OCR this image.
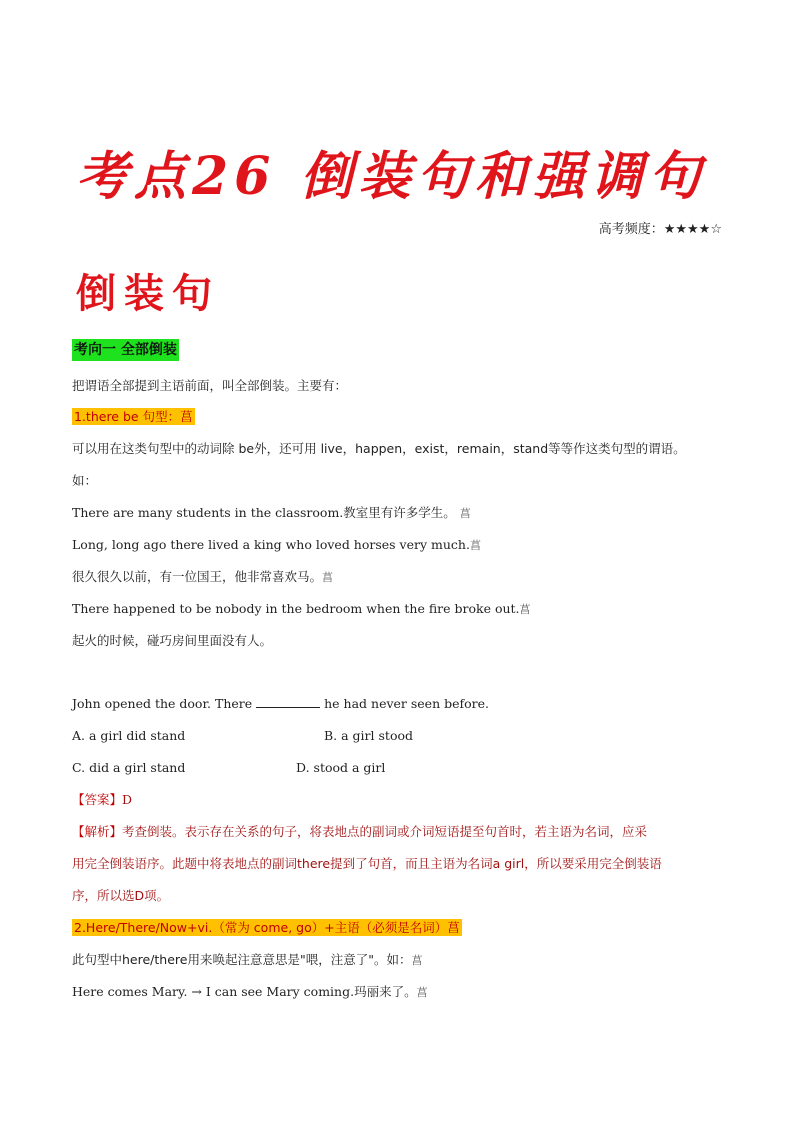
考点26 倒装句和强调句
高考频度：★★★★☆
倒装句
考向一 全部倒装
把谓语全部提到主语前面，叫全部倒装。主要有：
1.there be 句型：菖
可以用在这类句型中的动词除 be外，还可用 live，happen，exist，remain，stand等等作这类句型的谓语。
如：
There are many students in the classroom.教室里有许多学生。 菖
Long, long ago there lived a king who loved horses very much.菖
很久很久以前，有一位国王，他非常喜欢马。菖
There happened to be nobody in the bedroom when the fire broke out.菖
起火的时候，碰巧房间里面没有人。
John opened the door. There	he had never seen before.
A. a girl did stand	B. a girl stood
C. did a girl stand	D. stood a girl
【答案】D
【解析】考查倒装。表示存在关系的句子，将表地点的副词或介词短语提至句首时，若主语为名词，应采
用完全倒装语序。此题中将表地点的副词there提到了句首，而且主语为名词a girl，所以要采用完全倒装语
序，所以选D项。
2.Here/There/Now+vi.（常为 come, go）+主语（必须是名词）菖
此句型中here/there用来唤起注意意思是"喂，注意了"。如：菖
Here comes Mary. → I can see Mary coming.玛丽来了。菖
